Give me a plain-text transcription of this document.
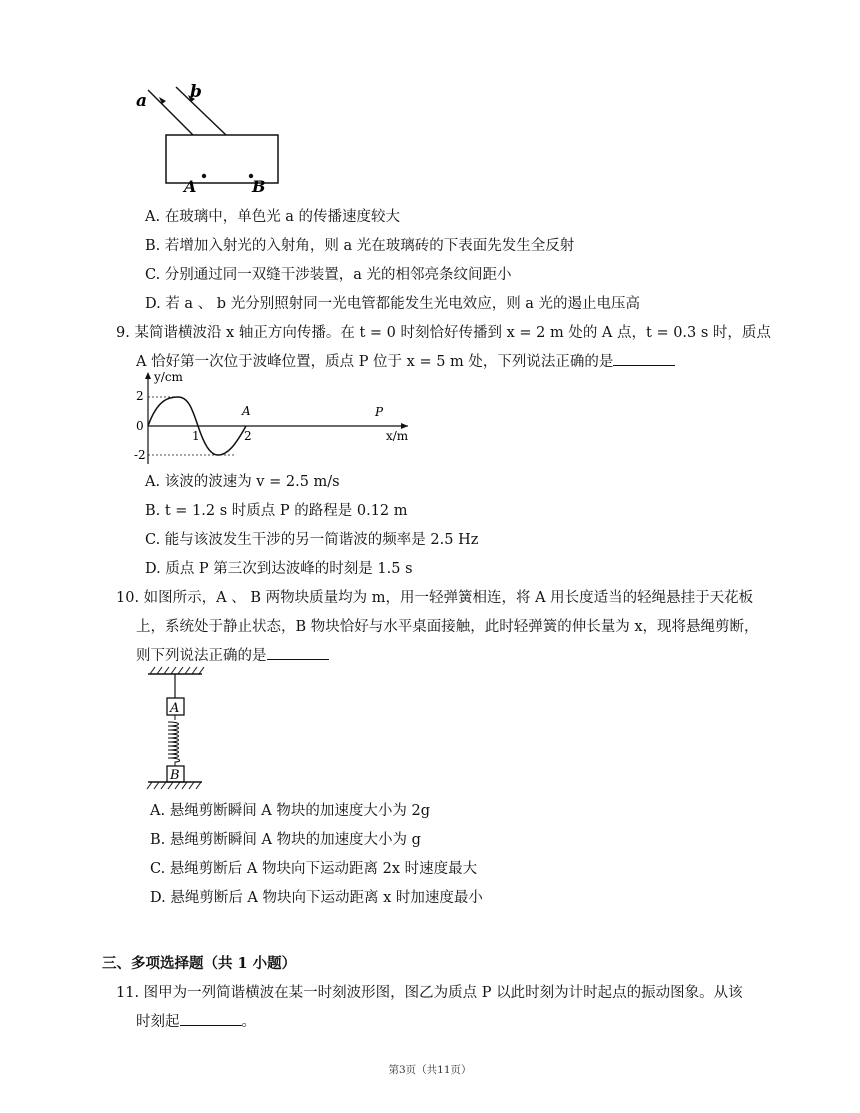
a	b
A	B
A. 在玻璃中，单色光 a 的传播速度较大
B. 若增加入射光的入射角，则 a 光在玻璃砖的下表面先发生全反射
C. 分别通过同一双缝干涉装置，a 光的相邻亮条纹间距小
D. 若 a 、 b 光分别照射同一光电管都能发生光电效应，则 a 光的遏止电压高
9. 某简谐横波沿 x 轴正方向传播。在 t = 0 时刻恰好传播到 x = 2 m 处的 A 点，t = 0.3 s 时，质点
A 恰好第一次位于波峰位置，质点 P 位于 x = 5 m 处，下列说法正确的是
y/cm
x/m
2
0
-2
1	2
A	P
A. 该波的波速为 v = 2.5 m/s
B. t = 1.2 s 时质点 P 的路程是 0.12 m
C. 能与该波发生干涉的另一简谐波的频率是 2.5 Hz
D. 质点 P 第三次到达波峰的时刻是 1.5 s
10. 如图所示，A 、 B 两物块质量均为 m，用一轻弹簧相连，将 A 用长度适当的轻绳悬挂于天花板
上，系统处于静止状态，B 物块恰好与水平桌面接触，此时轻弹簧的伸长量为 x，现将悬绳剪断，
则下列说法正确的是
A
B
A. 悬绳剪断瞬间 A 物块的加速度大小为 2g
B. 悬绳剪断瞬间 A 物块的加速度大小为 g
C. 悬绳剪断后 A 物块向下运动距离 2x 时速度最大
D. 悬绳剪断后 A 物块向下运动距离 x 时加速度最小
三、多项选择题（共 1 小题）
11. 图甲为一列简谐横波在某一时刻波形图，图乙为质点 P 以此时刻为计时起点的振动图象。从该
时刻起	。
第3页（共11页）
